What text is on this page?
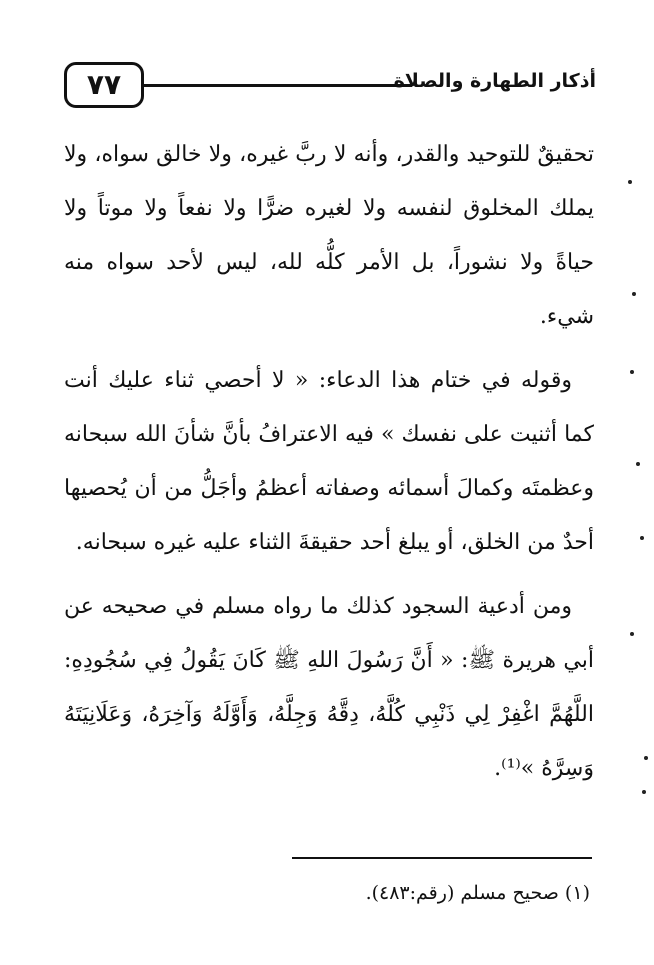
٧٧	أذكار الطهارة والصلاة

تحقيقٌ للتوحيد والقدر، وأنه لا ربَّ غيره، ولا خالق سواه، ولا يملك المخلوق لنفسه ولا لغيره ضرًّا ولا نفعاً ولا موتاً ولا حياةً ولا نشوراً، بل الأمر كلُّه لله، ليس لأحد سواه منه شيء.

وقوله في ختام هذا الدعاء: « لا أحصي ثناء عليك أنت كما أثنيت على نفسك » فيه الاعترافُ بأنَّ شأنَ الله سبحانه وعظمتَه وكمالَ أسمائه وصفاته أعظمُ وأجَلُّ من أن يُحصيها أحدٌ من الخلق، أو يبلغ أحد حقيقةَ الثناء عليه غيره سبحانه.

ومن أدعية السجود كذلك ما رواه مسلم في صحيحه عن أبي هريرة ﷺ: « أَنَّ رَسُولَ اللهِ ﷺ كَانَ يَقُولُ فِي سُجُودِهِ: اللَّهُمَّ اغْفِرْ لِي ذَنْبِي كُلَّهُ، دِقَّهُ وَجِلَّهُ، وَأَوَّلَهُ وَآخِرَهُ، وَعَلَانِيَتَهُ وَسِرَّهُ »⁽¹⁾.

(١) صحيح مسلم (رقم:٤٨٣).
